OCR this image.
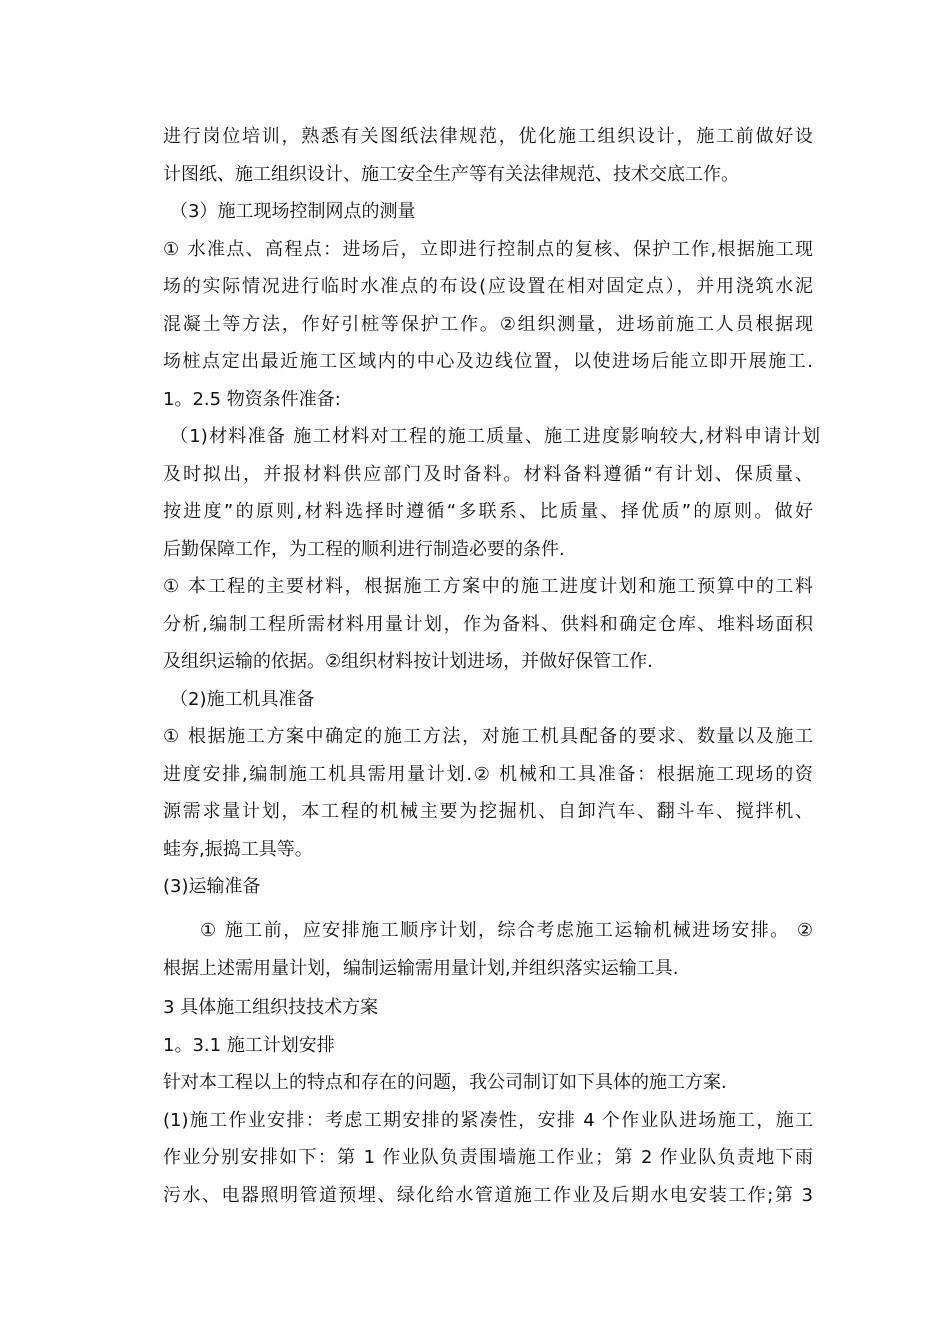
进行岗位培训，熟悉有关图纸法律规范，优化施工组织设计，施工前做好设
计图纸、施工组织设计、施工安全生产等有关法律规范、技术交底工作。
（3）施工现场控制网点的测量
① 水准点、高程点：进场后，立即进行控制点的复核、保护工作,根据施工现
场的实际情况进行临时水准点的布设(应设置在相对固定点），并用浇筑水泥
混凝土等方法，作好引桩等保护工作。②组织测量，进场前施工人员根据现
场桩点定出最近施工区域内的中心及边线位置，以使进场后能立即开展施工.
1。2.5 物资条件准备:
（1)材料准备 施工材料对工程的施工质量、施工进度影响较大,材料申请计划
及时拟出，并报材料供应部门及时备料。材料备料遵循“有计划、保质量、
按进度”的原则,材料选择时遵循“多联系、比质量、择优质”的原则。做好
后勤保障工作，为工程的顺利进行制造必要的条件.
① 本工程的主要材料，根据施工方案中的施工进度计划和施工预算中的工料
分析,编制工程所需材料用量计划，作为备料、供料和确定仓库、堆料场面积
及组织运输的依据。②组织材料按计划进场，并做好保管工作.
（2)施工机具准备
① 根据施工方案中确定的施工方法，对施工机具配备的要求、数量以及施工
进度安排,编制施工机具需用量计划.② 机械和工具准备：根据施工现场的资
源需求量计划，本工程的机械主要为挖掘机、自卸汽车、翻斗车、搅拌机、
蛙夯,振捣工具等。
(3)运输准备
① 施工前，应安排施工顺序计划，综合考虑施工运输机械进场安排。 ②
根据上述需用量计划，编制运输需用量计划,并组织落实运输工具.
3 具体施工组织技技术方案
1。3.1 施工计划安排
针对本工程以上的特点和存在的问题，我公司制订如下具体的施工方案.
(1)施工作业安排：考虑工期安排的紧凑性，安排 4 个作业队进场施工，施工
作业分别安排如下：第 1 作业队负责围墙施工作业；第 2 作业队负责地下雨
污水、电器照明管道预埋、绿化给水管道施工作业及后期水电安装工作;第 3
